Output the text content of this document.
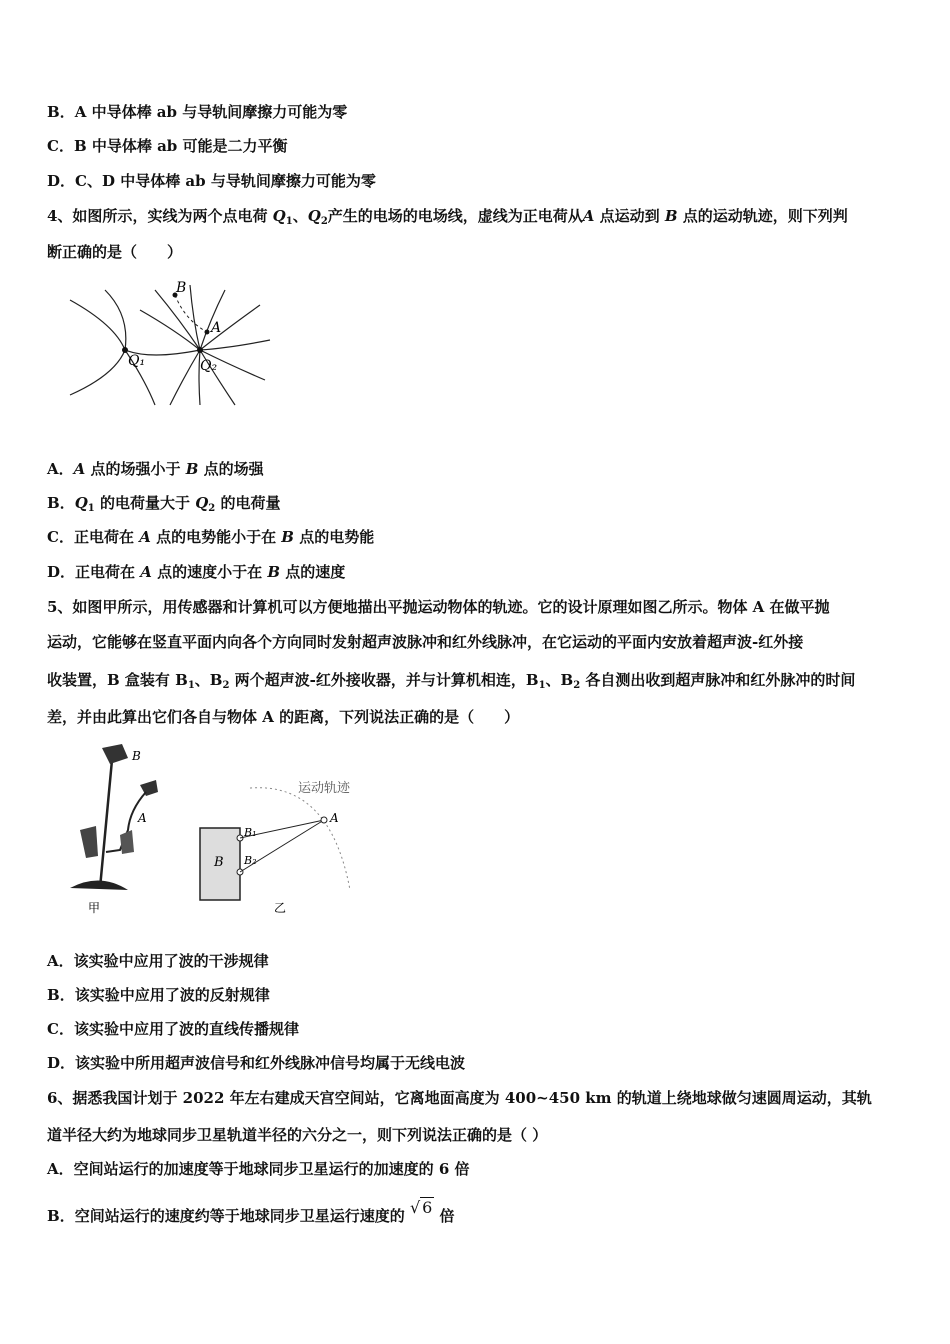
B．A 中导体棒 ab 与导轨间摩擦力可能为零
C．B 中导体棒 ab 可能是二力平衡
D．C、D 中导体棒 ab 与导轨间摩擦力可能为零
4、如图所示，实线为两个点电荷 $Q_1$、$Q_2$产生的电场的电场线，虚线为正电荷从A 点运动到 B 点的运动轨迹，则下列判
断正确的是（　　）
B
A
Q₁	Q₂
A．A 点的场强小于 B 点的场强
B．$Q_1$ 的电荷量大于 $Q_2$ 的电荷量
C．正电荷在 A 点的电势能小于在 B 点的电势能
D．正电荷在 A 点的速度小于在 B 点的速度
5、如图甲所示，用传感器和计算机可以方便地描出平抛运动物体的轨迹。它的设计原理如图乙所示。物体 A 在做平抛
运动，它能够在竖直平面内向各个方向同时发射超声波脉冲和红外线脉冲，在它运动的平面内安放着超声波-红外接
收装置，B 盒装有 $B_1$、$B_2$ 两个超声波-红外接收器，并与计算机相连，$B_1$、$B_2$ 各自测出收到超声脉冲和红外脉冲的时间
差，并由此算出它们各自与物体 A 的距离，下列说法正确的是（　　）
B
A
甲
运动轨迹
B
B₁
B₂
A
乙
A．该实验中应用了波的干涉规律
B．该实验中应用了波的反射规律
C．该实验中应用了波的直线传播规律
D．该实验中所用超声波信号和红外线脉冲信号均属于无线电波
6、据悉我国计划于 2022 年左右建成天宫空间站，它离地面高度为 400~450 km 的轨道上绕地球做匀速圆周运动，其轨
道半径大约为地球同步卫星轨道半径的六分之一，则下列说法正确的是（ ）
A．空间站运行的加速度等于地球同步卫星运行的加速度的 6 倍
B．空间站运行的速度约等于地球同步卫星运行速度的 √ 6 倍
